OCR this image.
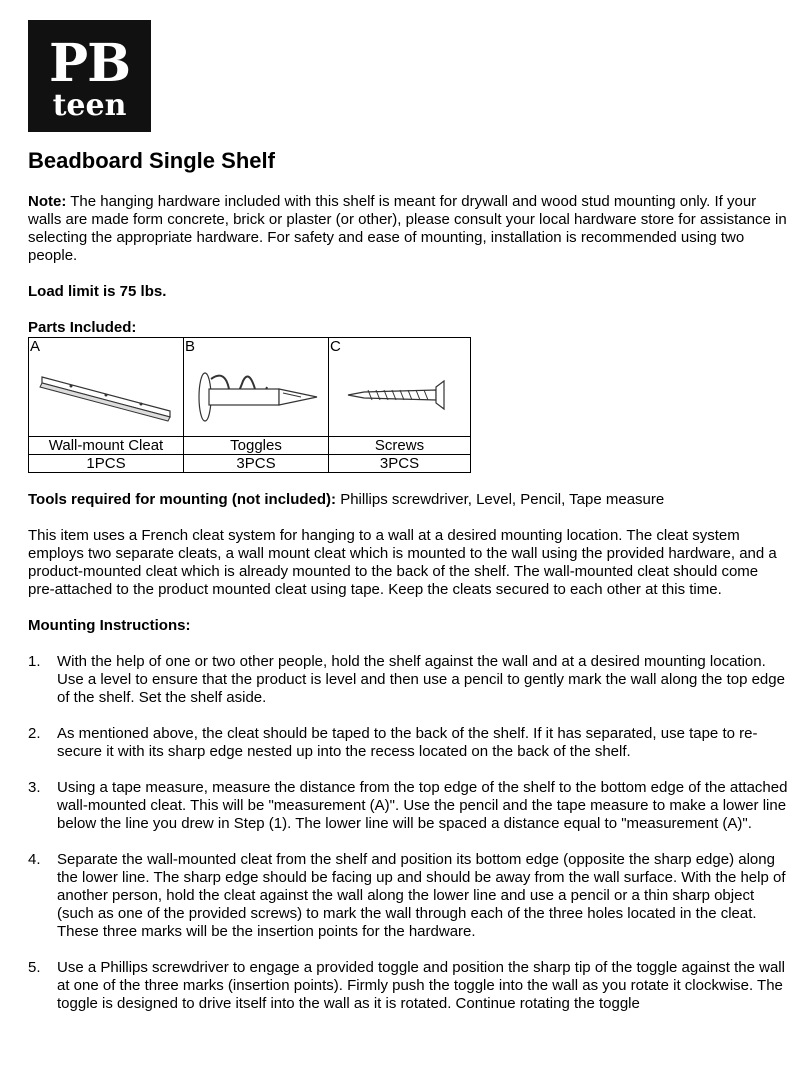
PB
teen
Beadboard Single Shelf

Note: The hanging hardware included with this shelf is meant for drywall and wood stud mounting only. If your walls are made form concrete, brick or plaster (or other), please consult your local hardware store for assistance in selecting the appropriate hardware. For safety and ease of mounting, installation is recommended using two people.

Load limit is 75 lbs.

Parts Included:
A	B	C

Wall-mount Cleat	Toggles	Screws
1PCS	3PCS	3PCS

Tools required for mounting (not included): Phillips screwdriver, Level, Pencil, Tape measure

This item uses a French cleat system for hanging to a wall at a desired mounting location. The cleat system employs two separate cleats, a wall mount cleat which is mounted to the wall using the provided hardware, and a product-mounted cleat which is already mounted to the back of the shelf. The wall-mounted cleat should come pre-attached to the product mounted cleat using tape. Keep the cleats secured to each other at this time.

Mounting Instructions:

1. With the help of one or two other people, hold the shelf against the wall and at a desired mounting location. Use a level to ensure that the product is level and then use a pencil to gently mark the wall along the top edge of the shelf. Set the shelf aside.
2. As mentioned above, the cleat should be taped to the back of the shelf. If it has separated, use tape to re-secure it with its sharp edge nested up into the recess located on the back of the shelf.
3. Using a tape measure, measure the distance from the top edge of the shelf to the bottom edge of the attached wall-mounted cleat. This will be "measurement (A)". Use the pencil and the tape measure to make a lower line below the line you drew in Step (1). The lower line will be spaced a distance equal to "measurement (A)".
4. Separate the wall-mounted cleat from the shelf and position its bottom edge (opposite the sharp edge) along the lower line. The sharp edge should be facing up and should be away from the wall surface. With the help of another person, hold the cleat against the wall along the lower line and use a pencil or a thin sharp object (such as one of the provided screws) to mark the wall through each of the three holes located in the cleat. These three marks will be the insertion points for the hardware.
5. Use a Phillips screwdriver to engage a provided toggle and position the sharp tip of the toggle against the wall at one of the three marks (insertion points). Firmly push the toggle into the wall as you rotate it clockwise. The toggle is designed to drive itself into the wall as it is rotated. Continue rotating the toggle
